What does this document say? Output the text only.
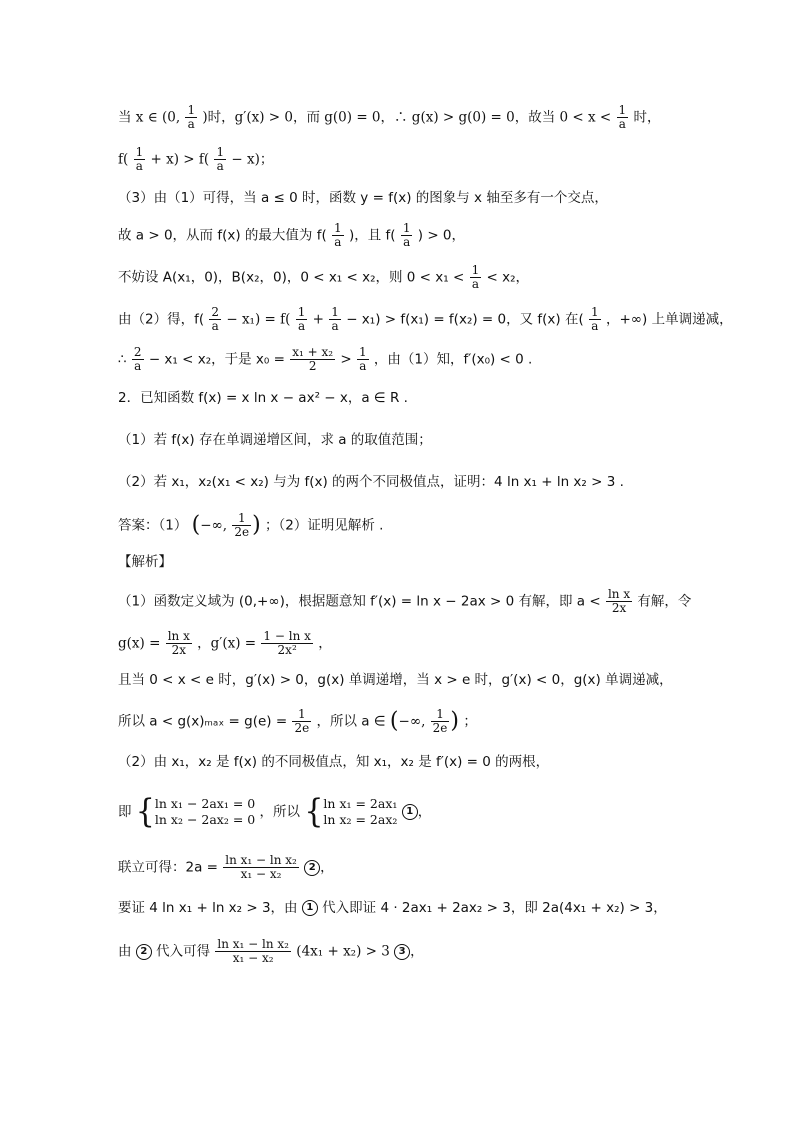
当 x ∈ (0, $\frac{1}{a}$ )时，g′(x) > 0，而 g(0) = 0，∴ g(x) > g(0) = 0，故当 $0 < x < \frac{1}{a}$ 时，
$f( \frac{1}{a} + x) > f( \frac{1}{a} - x)$；
（3）由（1）可得，当 a ≤ 0 时，函数 y = f(x) 的图象与 x 轴至多有一个交点，
故 a > 0，从而 f(x) 的最大值为 $f( \frac{1}{a}$ )，且 $f( \frac{1}{a}$ ) > 0，
不妨设 A(x₁，0)，B(x₂，0)，0 < x₁ < x₂，则 $0 < x_1 < \frac{1}{a} < x_2$，
由（2）得，$f( \frac{2}{a} - x_1) = f( \frac{1}{a} + \frac{1}{a} - x_1) > f(x_1) = f(x_2) = 0$，又 f(x) 在( $\frac{1}{a}$ ，+∞) 上单调递减，
∴ $\frac{2}{a} - x_1 < x_2$，于是 $x_0 = \frac{\text{x₁ + x₂}}{2} > \frac{1}{a}$ ，由（1）知，f′(x₀) < 0 .
2．已知函数 f(x) = x ln x − ax² − x，a ∈ R .
（1）若 f(x) 存在单调递增区间，求 a 的取值范围；
（2）若 x₁，x₂(x₁ < x₂) 与为 f(x) 的两个不同极值点，证明：4 ln x₁ + ln x₂ > 3 .
答案：（1） (−∞, $\frac{1}{2e}$ ) ；（2）证明见解析 .
【解析】
（1）函数定义域为 (0,+∞)，根据题意知 f′(x) = ln x − 2ax > 0 有解，即 $a < \frac{\text{ln x}}{2x}$ 有解，令
$g(x) = \frac{\text{ln x}}{2x}$ ，$g'(x) = \frac{\text{1 − ln x}}{\text{2x²}}$ ，
且当 0 < x < e 时，g′(x) > 0，g(x) 单调递增，当 x > e 时，g′(x) < 0，g(x) 单调递减，
所以 $a < g(x)_{max} = g(e) = \frac{1}{2e}$ ，所以 a ∈ (−∞, $\frac{1}{2e}$ ) ；
（2）由 x₁，x₂ 是 f(x) 的不同极值点，知 x₁，x₂ 是 f′(x) = 0 的两根，
即 { ln x₁ − 2ax₁ = 0
ln x₂ − 2ax₂ = 0 ，所以 { ln x₁ = 2ax₁
ln x₂ = 2ax₂
1 ，
联立可得：$2a = \frac{\text{ln x₁ − ln x₂}}{\text{x₁ − x₂}} 2$ ，
要证 4 ln x₁ + ln x₂ > 3，由 1 代入即证 4 · 2ax₁ + 2ax₂ > 3，即 2a(4x₁ + x₂) > 3，
由 2 代入可得 $\frac{\text{ln x₁ − ln x₂}}{\text{x₁ − x₂}} (4x_1 + x_2) > 3$ 3 ，
